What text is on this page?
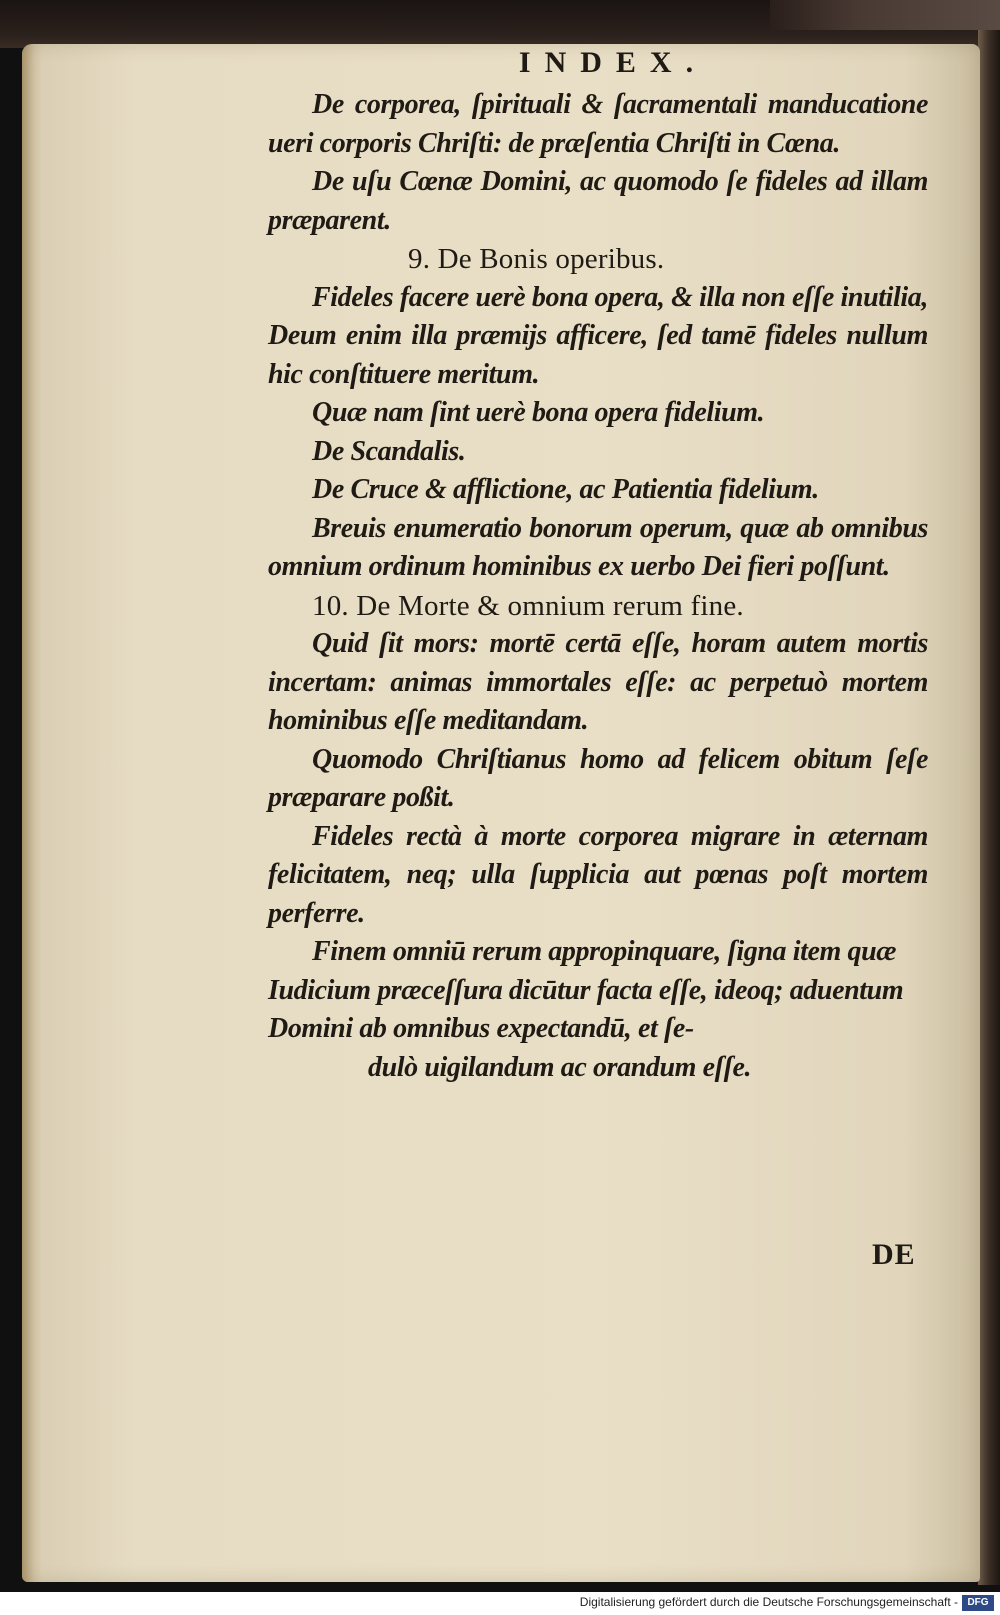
INDEX.

De corporea, ſpirituali & ſacramentali manducatione ueri corporis Chriſti: de præſentia Chriſti in Cœna.

De uſu Cœnæ Domini, ac quomodo ſe fideles ad illam præparent.

9. De Bonis operibus.

Fideles facere uerè bona opera, & illa non eſſe inutilia, Deum enim illa præmijs afficere, ſed tamē fideles nullum hic conſtituere meritum.

Quæ nam ſint uerè bona opera fidelium.

De Scandalis.

De Cruce & afflictione, ac Patientia fidelium.

Breuis enumeratio bonorum operum, quæ ab omnibus omnium ordinum hominibus ex uerbo Dei fieri poſſunt.

10. De Morte & omnium rerum fine.

Quid ſit mors: mortē certā eſſe, horam autem mortis incertam: animas immortales eſſe: ac perpetuò mortem hominibus eſſe meditandam.

Quomodo Chriſtianus homo ad felicem obitum ſeſe præparare poßit.

Fideles rectà à morte corporea migrare in æternam felicitatem, neq; ulla ſupplicia aut pœnas poſt mortem perferre.

Finem omniū rerum appropinquare, ſigna item quæ Iudicium præceſſura dicūtur facta eſſe, ideoq; aduentum Domini ab omnibus expectandū, et ſe-
dulò uigilandum ac orandum eſſe.

DE
Digitalisierung gefördert durch die Deutsche Forschungsgemeinschaft - DFG
